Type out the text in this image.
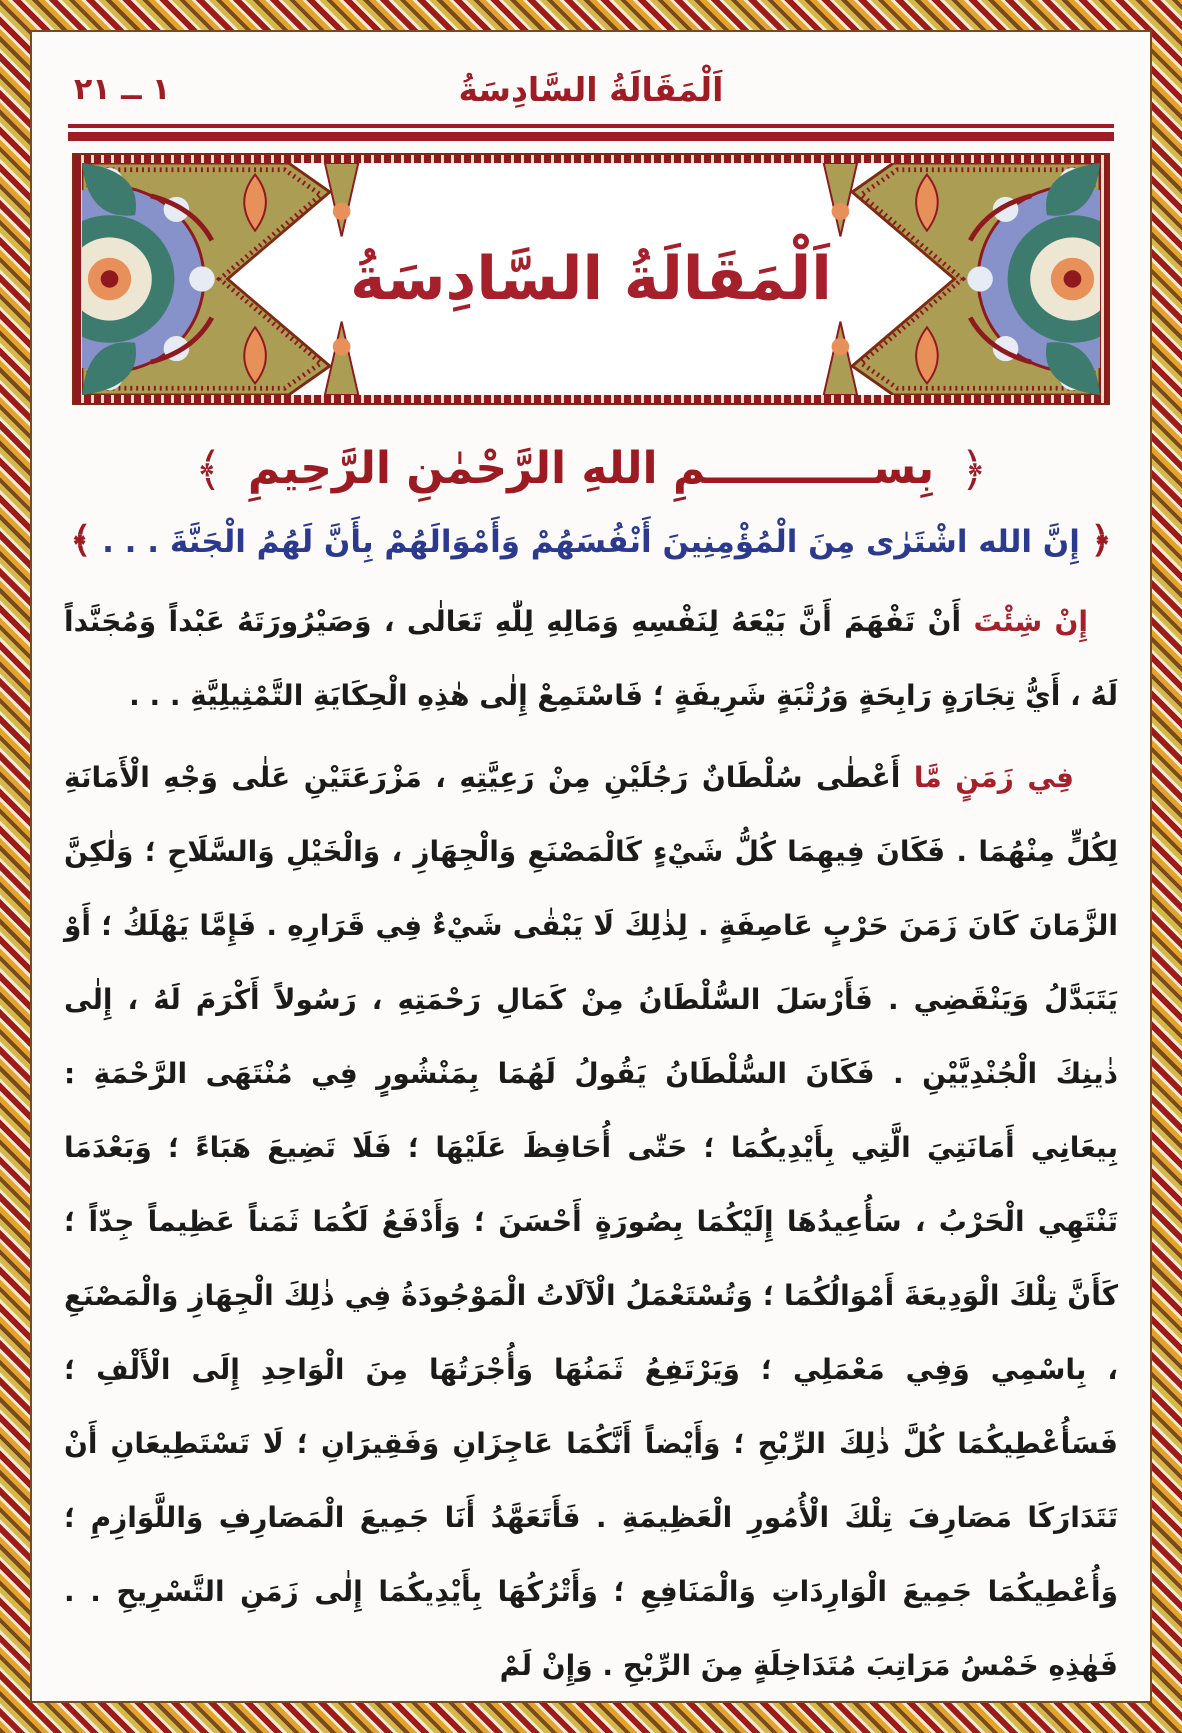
١ ــ ٢١	اَلْمَقَالَةُ السَّادِسَةُ
اَلْمَقَالَةُ السَّادِسَةُ
﴿
بِســـــــــــمِ اللهِ الرَّحْمٰنِ الرَّحِيمِ
﴾
﴿ إِنَّ الله اشْتَرٰى مِنَ الْمُؤْمِنِينَ أَنْفُسَهُمْ وَأَمْوَالَهُمْ بِأَنَّ لَهُمُ الْجَنَّةَ . . . ﴾

إِنْ شِئْتَ أَنْ تَفْهَمَ أَنَّ بَيْعَهُ لِنَفْسِهِ وَمَالِهِ لِلّٰهِ تَعَالٰى ، وَصَيْرُورَتَهُ عَبْداً وَمُجَنَّداً لَهُ ، أَيُّ تِجَارَةٍ رَابِحَةٍ وَرُتْبَةٍ شَرِيفَةٍ ؛ فَاسْتَمِعْ إِلٰى هٰذِهِ الْحِكَايَةِ التَّمْثِيلِيَّةِ . . .

فِي زَمَنٍ مَّا أَعْطٰى سُلْطَانٌ رَجُلَيْنِ مِنْ رَعِيَّتِهِ ، مَزْرَعَتَيْنِ عَلٰى وَجْهِ الْأَمَانَةِ لِكُلٍّ مِنْهُمَا . فَكَانَ فِيهِمَا كُلُّ شَيْءٍ كَالْمَصْنَعِ وَالْجِهَازِ ، وَالْخَيْلِ وَالسَّلَاحِ ؛ وَلٰكِنَّ الزَّمَانَ كَانَ زَمَنَ حَرْبٍ عَاصِفَةٍ . لِذٰلِكَ لَا يَبْقٰى شَيْءٌ فِي قَرَارِهِ . فَإِمَّا يَهْلَكُ ؛ أَوْ يَتَبَدَّلُ وَيَنْقَضِي . فَأَرْسَلَ السُّلْطَانُ مِنْ كَمَالِ رَحْمَتِهِ ، رَسُولاً أَكْرَمَ لَهُ ، إِلٰى ذٰينِكَ الْجُنْدِيَّيْنِ . فَكَانَ السُّلْطَانُ يَقُولُ لَهُمَا بِمَنْشُورٍ فِي مُنْتَهَى الرَّحْمَةِ : بِيعَانِي أَمَانَتِيَ الَّتِي بِأَيْدِيكُمَا ؛ حَتّٰى أُحَافِظَ عَلَيْهَا ؛ فَلَا تَضِيعَ هَبَاءً ؛ وَبَعْدَمَا تَنْتَهِي الْحَرْبُ ، سَأُعِيدُهَا إِلَيْكُمَا بِصُورَةٍ أَحْسَنَ ؛ وَأَدْفَعُ لَكُمَا ثَمَناً عَظِيماً جِدّاً ؛ كَأَنَّ تِلْكَ الْوَدِيعَةَ أَمْوَالُكُمَا ؛ وَتُسْتَعْمَلُ الْآلَاتُ الْمَوْجُودَةُ فِي ذٰلِكَ الْجِهَازِ وَالْمَصْنَعِ ، بِاسْمِي وَفِي مَعْمَلِي ؛ وَيَرْتَفِعُ ثَمَنُهَا وَأُجْرَتُهَا مِنَ الْوَاحِدِ إِلَى الْأَلْفِ ؛ فَسَأُعْطِيكُمَا كُلَّ ذٰلِكَ الرِّبْحِ ؛ وَأَيْضاً أَنَّكُمَا عَاجِزَانِ وَفَقِيرَانِ ؛ لَا تَسْتَطِيعَانِ أَنْ تَتَدَارَكَا مَصَارِفَ تِلْكَ الْأُمُورِ الْعَظِيمَةِ . فَأَتَعَهَّدُ أَنَا جَمِيعَ الْمَصَارِفِ وَاللَّوَازِمِ ؛ وَأُعْطِيكُمَا جَمِيعَ الْوَارِدَاتِ وَالْمَنَافِعِ ؛ وَأَتْرُكُهَا بِأَيْدِيكُمَا إِلٰى زَمَنِ التَّسْرِيحِ . . فَهٰذِهِ خَمْسُ مَرَاتِبَ مُتَدَاخِلَةٍ مِنَ الرِّبْحِ . وَإِنْ لَمْ
